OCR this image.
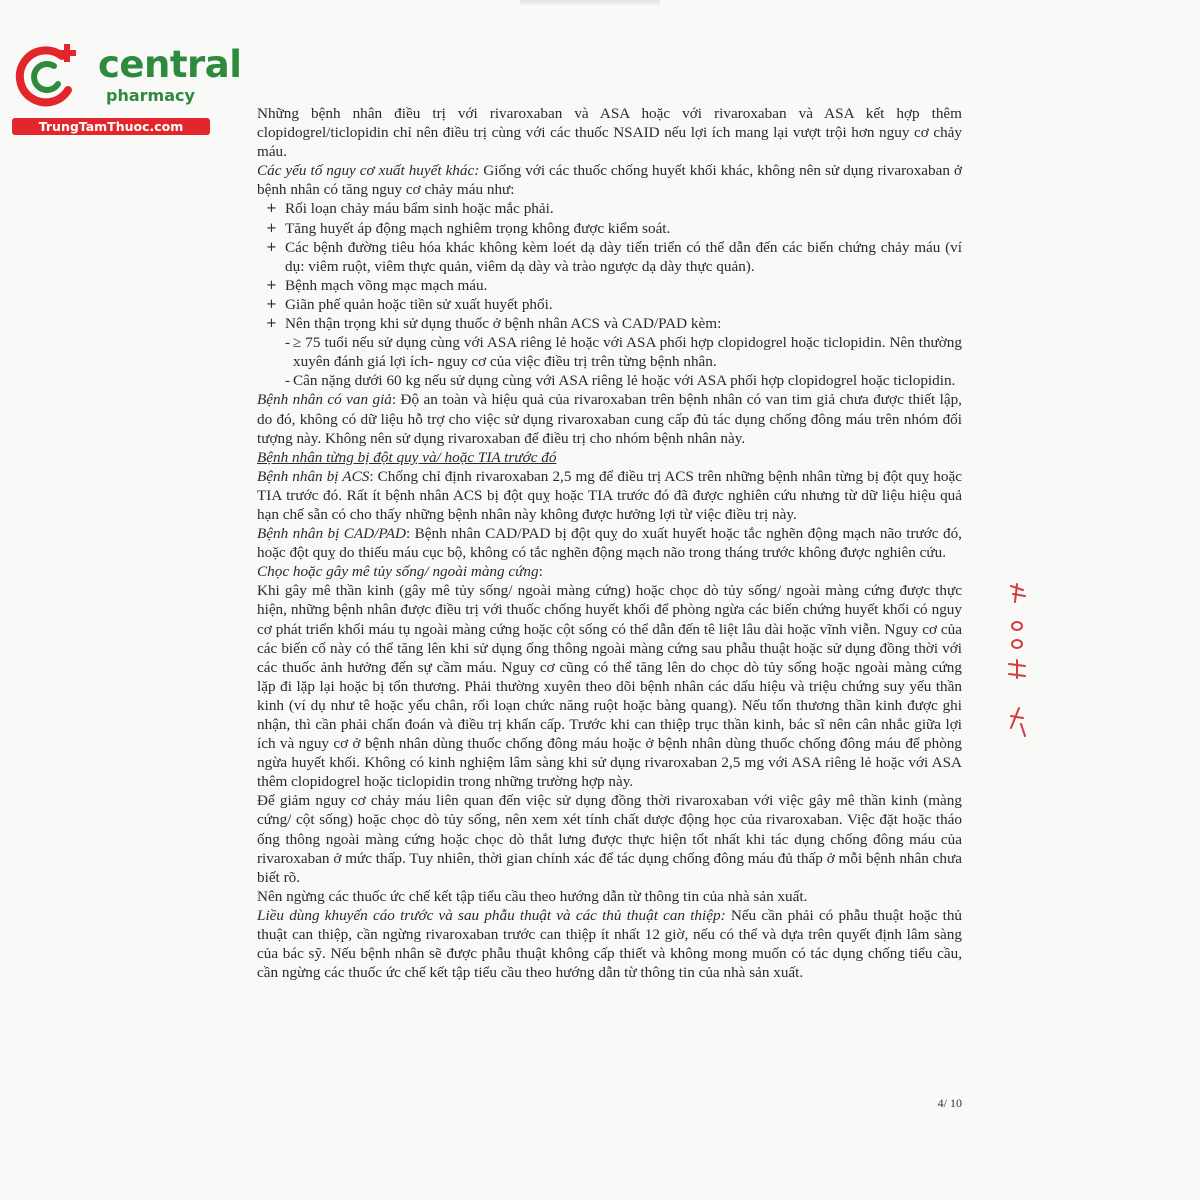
central
pharmacy
TrungTamThuoc.com

Những bệnh nhân điều trị với rivaroxaban và ASA hoặc với rivaroxaban và ASA kết hợp thêm clopidogrel/ticlopidin chỉ nên điều trị cùng với các thuốc NSAID nếu lợi ích mang lại vượt trội hơn nguy cơ chảy máu.

Các yếu tố nguy cơ xuất huyết khác: Giống với các thuốc chống huyết khối khác, không nên sử dụng rivaroxaban ở bệnh nhân có tăng nguy cơ chảy máu như:

+ Rối loạn chảy máu bẩm sinh hoặc mắc phải.
+ Tăng huyết áp động mạch nghiêm trọng không được kiểm soát.
+ Các bệnh đường tiêu hóa khác không kèm loét dạ dày tiến triển có thể dẫn đến các biến chứng chảy máu (ví dụ: viêm ruột, viêm thực quản, viêm dạ dày và trào ngược dạ dày thực quản).
+ Bệnh mạch võng mạc mạch máu.
+ Giãn phế quản hoặc tiền sử xuất huyết phổi.
+ Nên thận trọng khi sử dụng thuốc ở bệnh nhân ACS và CAD/PAD kèm:
- ≥ 75 tuổi nếu sử dụng cùng với ASA riêng lẻ hoặc với ASA phối hợp clopidogrel hoặc ticlopidin. Nên thường xuyên đánh giá lợi ích- nguy cơ của việc điều trị trên từng bệnh nhân.
- Cân nặng dưới 60 kg nếu sử dụng cùng với ASA riêng lẻ hoặc với ASA phối hợp clopidogrel hoặc ticlopidin.

Bệnh nhân có van giả: Độ an toàn và hiệu quả của rivaroxaban trên bệnh nhân có van tim giả chưa được thiết lập, do đó, không có dữ liệu hỗ trợ cho việc sử dụng rivaroxaban cung cấp đủ tác dụng chống đông máu trên nhóm đối tượng này. Không nên sử dụng rivaroxaban để điều trị cho nhóm bệnh nhân này.

Bệnh nhân từng bị đột quỵ và/ hoặc TIA trước đó

Bệnh nhân bị ACS: Chống chỉ định rivaroxaban 2,5 mg để điều trị ACS trên những bệnh nhân từng bị đột quỵ hoặc TIA trước đó. Rất ít bệnh nhân ACS bị đột quỵ hoặc TIA trước đó đã được nghiên cứu nhưng từ dữ liệu hiệu quả hạn chế sẵn có cho thấy những bệnh nhân này không được hưởng lợi từ việc điều trị này.

Bệnh nhân bị CAD/PAD: Bệnh nhân CAD/PAD bị đột quỵ do xuất huyết hoặc tắc nghẽn động mạch não trước đó, hoặc đột quỵ do thiếu máu cục bộ, không có tắc nghẽn động mạch não trong tháng trước không được nghiên cứu.

Chọc hoặc gây mê tủy sống/ ngoài màng cứng:

Khi gây mê thần kinh (gây mê tủy sống/ ngoài màng cứng) hoặc chọc dò tủy sống/ ngoài màng cứng được thực hiện, những bệnh nhân được điều trị với thuốc chống huyết khối để phòng ngừa các biến chứng huyết khối có nguy cơ phát triển khối máu tụ ngoài màng cứng hoặc cột sống có thể dẫn đến tê liệt lâu dài hoặc vĩnh viễn. Nguy cơ của các biến cố này có thể tăng lên khi sử dụng ống thông ngoài màng cứng sau phẫu thuật hoặc sử dụng đồng thời với các thuốc ảnh hưởng đến sự cầm máu. Nguy cơ cũng có thể tăng lên do chọc dò tủy sống hoặc ngoài màng cứng lặp đi lặp lại hoặc bị tổn thương. Phải thường xuyên theo dõi bệnh nhân các dấu hiệu và triệu chứng suy yếu thần kinh (ví dụ như tê hoặc yếu chân, rối loạn chức năng ruột hoặc bàng quang). Nếu tổn thương thần kinh được ghi nhận, thì cần phải chẩn đoán và điều trị khẩn cấp. Trước khi can thiệp trục thần kinh, bác sĩ nên cân nhắc giữa lợi ích và nguy cơ ở bệnh nhân dùng thuốc chống đông máu hoặc ở bệnh nhân dùng thuốc chống đông máu để phòng ngừa huyết khối. Không có kinh nghiệm lâm sàng khi sử dụng rivaroxaban 2,5 mg với ASA riêng lẻ hoặc với ASA thêm clopidogrel hoặc ticlopidin trong những trường hợp này.

Để giảm nguy cơ chảy máu liên quan đến việc sử dụng đồng thời rivaroxaban với việc gây mê thần kinh (màng cứng/ cột sống) hoặc chọc dò tủy sống, nên xem xét tính chất dược động học của rivaroxaban. Việc đặt hoặc tháo ống thông ngoài màng cứng hoặc chọc dò thắt lưng được thực hiện tốt nhất khi tác dụng chống đông máu của rivaroxaban ở mức thấp. Tuy nhiên, thời gian chính xác để tác dụng chống đông máu đủ thấp ở mỗi bệnh nhân chưa biết rõ.

Nên ngừng các thuốc ức chế kết tập tiểu cầu theo hướng dẫn từ thông tin của nhà sản xuất.

Liều dùng khuyến cáo trước và sau phẫu thuật và các thủ thuật can thiệp: Nếu cần phải có phẫu thuật hoặc thủ thuật can thiệp, cần ngừng rivaroxaban trước can thiệp ít nhất 12 giờ, nếu có thể và dựa trên quyết định lâm sàng của bác sỹ. Nếu bệnh nhân sẽ được phẫu thuật không cấp thiết và không mong muốn có tác dụng chống tiểu cầu, cần ngừng các thuốc ức chế kết tập tiểu cầu theo hướng dẫn từ thông tin của nhà sản xuất.

4/ 10
